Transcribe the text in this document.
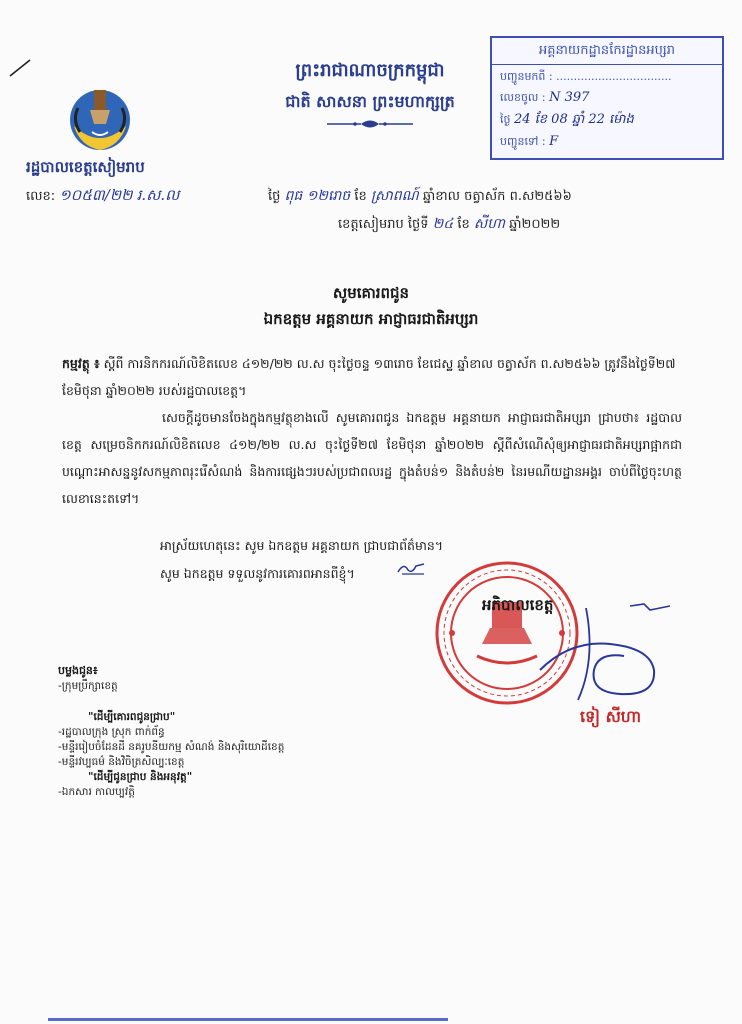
ព្រះរាជាណាចក្រកម្ពុជា
ជាតិ សាសនា ព្រះមហាក្សត្រ
រដ្ឋបាលខេត្តសៀមរាប
លេខ: ១០៥៣/២២ រ.ស.ល
អគ្គនាយកដ្ឋានកែរដ្ឋានអប្សរា
បញ្ជូនមកពី : .................................
លេខចូល : N 397
ថ្ងៃ 24 ខែ 08 ឆ្នាំ 22 ម៉ោង
បញ្ជូនទៅ : F
ថ្ងៃ ពុធ ១២រោច ខែ ស្រាពណ៍ ឆ្នាំខាល ចត្វាស័ក ព.ស២៥៦៦
ខេត្តសៀមរាប ថ្ងៃទី ២៤ ខែ សីហា ឆ្នាំ២០២២
សូមគោរពជូន
ឯកឧត្តម អគ្គនាយក អាជ្ញាធរជាតិអប្សរា
កម្មវត្ថុ ៖ ស្តីពី ការនិកករណ៍លិខិតលេខ ៤១២/២២ ល.ស ចុះថ្ងៃចន្ទ ១៣រោច ខែជេស្ឋ ឆ្នាំខាល ចត្វាស័ក ព.ស២៥៦៦ ត្រូវនឹងថ្ងៃទី២៧ ខែមិថុនា ឆ្នាំ២០២២ របស់រដ្ឋបាលខេត្ត។
សេចក្តីដូចមានចែងក្នុងកម្មវត្ថុខាងលើ សូមគោរពជូន ឯកឧត្តម អគ្គនាយក អាជ្ញាធរជាតិអប្សរា ជ្រាបថា៖ រដ្ឋបាលខេត្ត សម្រេចនិកករណ៍លិខិតលេខ ៤១២/២២ ល.ស ចុះថ្ងៃទី២៧ ខែមិថុនា ឆ្នាំ២០២២ ស្តីពីសំណើសុំឲ្យអាជ្ញាធរជាតិអប្សរាផ្អាកជាបណ្តោះអាសន្ននូវសកម្មភាពរុះរើសំណង់ និងការផ្សេងៗរបស់ប្រជាពលរដ្ឋ ក្នុងតំបន់១ និងតំបន់២ នៃរមណីយដ្ឋានអង្គរ ចាប់ពីថ្ងៃចុះហត្ថលេខានេះតទៅ។
អាស្រ័យហេតុនេះ សូម ឯកឧត្តម អគ្គនាយក ជ្រាបជាព័ត៌មាន។
សូម ឯកឧត្តម ទទួលនូវការគោរពអានពីខ្ញុំ។
អភិបាលខេត្ត
ទៀ សីហា
បម្លងជូន៖
-ក្រុមប្រឹក្សាខេត្ត
"ដើម្បីគោរពជូនជ្រាប"
-រដ្ឋបាលក្រុង ស្រុក ពាក់ព័ន្ធ
-មន្ទីររៀបចំដែនដី នគរូបនីយកម្ម សំណង់ និងសុរិយោដីខេត្ត
-មន្ទីរវប្បធម៌ និងវិចិត្រសិល្បៈខេត្ត
"ដើម្បីជូនជ្រាប និងអនុវត្ត"
-ឯកសារ កាលប្បវត្តិ
